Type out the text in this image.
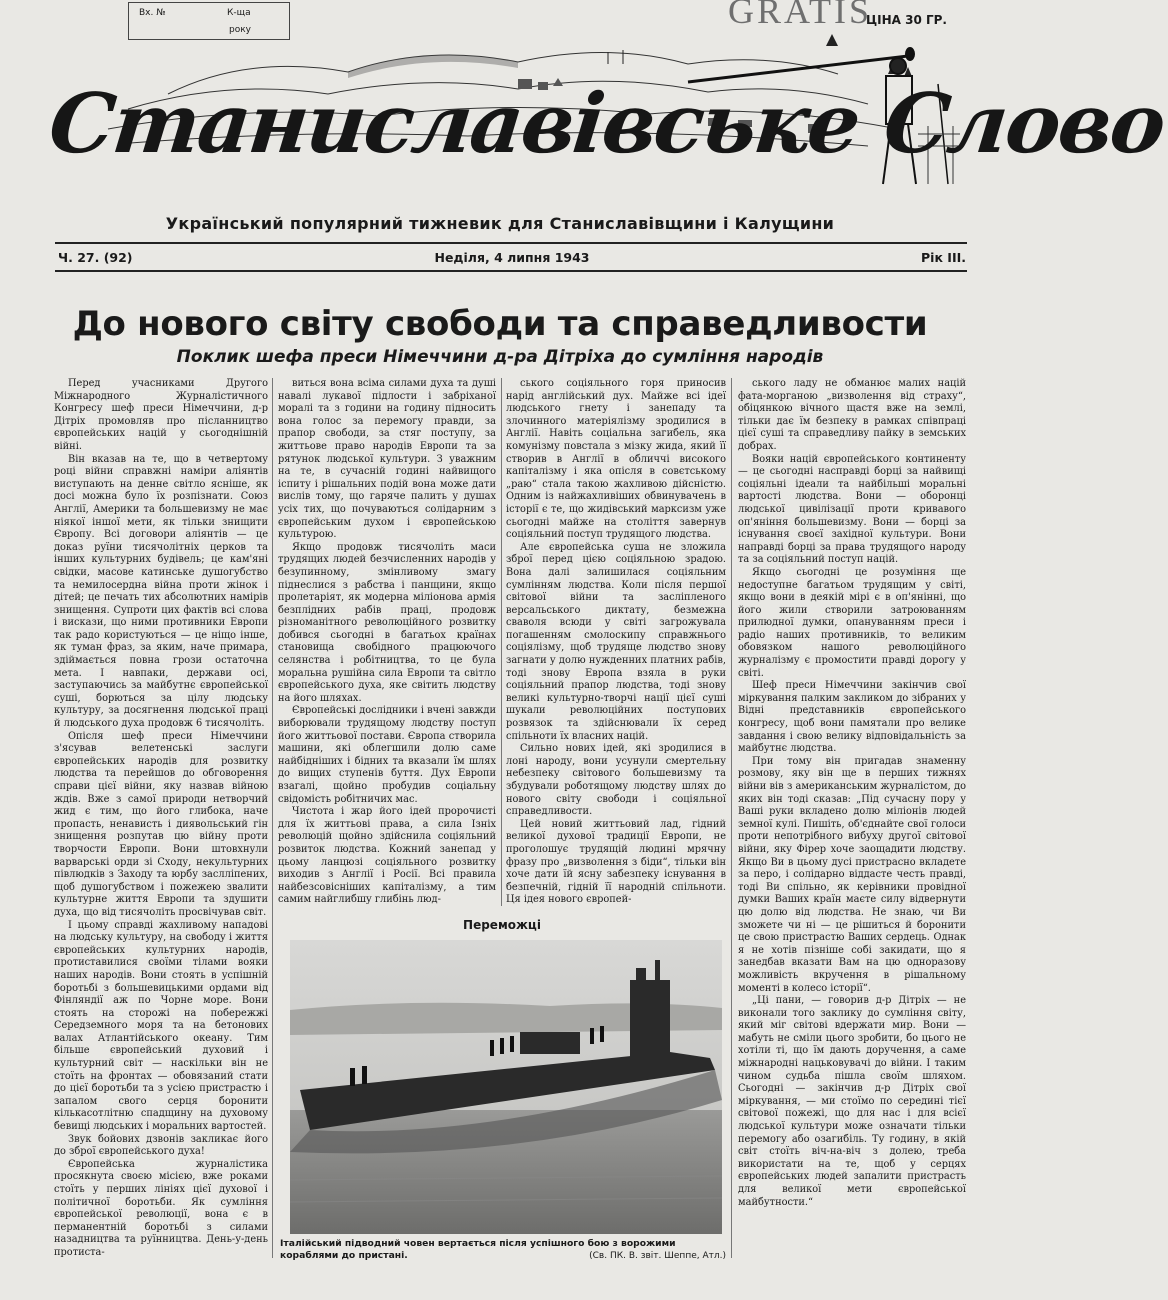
Вх. №	К-ща
року	GRATIS
ЦІНА 30 ГР.
Станиславівське Слово
Український популярний тижневик для Станиславівщини і Калущини
Ч. 27. (92)	Неділя, 4 липня 1943	Рік III.
До нового світу свободи та справедливости
Поклик шефа преси Німеччини д-ра Дітріха до сумління народів

Перед учасниками Другого Міжнародного Журналістичного Конгресу шеф преси Німеччини, д-р Дітріх промовляв про післанництво європейських націй у сьогоднішній війні.

Він вказав на те, що в четвертому році війни справжні наміри аліянтів виступають на денне світло ясніше, як досі можна було їх розпізнати. Союз Англії, Америки та большевизму не має ніякої іншої мети, як тільки знищити Європу. Всі договори аліянтів — це доказ руїни тисячолітніх церков та інших культурних будівель; це кам'яні свідки, масове катинське душогубство та немилосердна війна проти жінок і дітей; це печать тих абсолютних намірів знищення. Супроти цих фактів всі слова і вискази, що ними противники Европи так радо користуються — це ніщо інше, як туман фраз, за яким, наче примара, здіймається повна грози остаточна мета. І навпаки, держави осі, заступаючись за майбутнє європейської суші, борються за цілу людську культуру, за досягнення людської праці й людського духа продовж 6 тисячоліть.

Опісля шеф преси Німеччини з'ясував велетенські заслуги європейських народів для розвитку людства та перейшов до обговорення справи цієї війни, яку назвав війною ждів. Вже з самої природи нетворчий жид є тим, що його глибока, наче пропасть, ненависть і диявольський гін знищення розпутав цю війну проти творчости Европи. Вони штовхнули варварські орди зі Сходу, некультурних півлюдків з Заходу та юрбу заслліпених, щоб душогубством і пожежею звалити культурне життя Европи та здушити духа, що від тисячоліть просвічував світ.

І цьому справді жахливому нападові на людську культуру, на свободу і життя європейських культурних народів, протиставилися своїми тілами вояки наших народів. Вони стоять в успішній боротьбі з большевицькими ордами від Фінляндії аж по Чорне море. Вони стоять на сторожі на побережжі Середземного моря та на бетонових валах Атлантійського океану. Тим більше європейський духовий і культурний світ — наскільки він не стоїть на фронтах — обовязаний стати до цієї боротьби та з усією пристрастю і запалом свого серця боронити кількасотлітню спадщину на духовому бевищі людських і моральних вартостей.

Звук бойових дзвонів закликає його до зброї європейського духа!

Європейська журналістика просякнута своєю місією, вже роками стоїть у перших лініях цієї духової і політичної боротьби. Як сумління європейської революції, вона є в перманентній боротьбі з силами назадництва та руїнництва. День-у-день протиста-

виться вона всіма силами духа та душі навалі лукавої підлости і забріханої моралі та з години на годину підносить вона голос за перемогу правди, за прапор свободи, за стяг поступу, за життьове право народів Европи та за рятунок людської культури. З уважним на те, в сучасній годині найвищого іспиту і рішальних подій вона може дати вислів тому, що гаряче палить у душах усіх тих, що почуваються солідарним з європейським духом і європейською культурою.

Якщо продовж тисячоліть маси трудящих людей безчисленних народів у безупинному, змінливому змагу піднеслися з рабства і панщини, якщо пролетаріят, як модерна міліонова армія безплідних рабів праці, продовж різноманітного революційного розвитку добився сьогодні в багатьох країнах становища свобідного працюючого селянства і робітництва, то це була моральна рушійна сила Европи та світло європейського духа, яке світить людству на його шляхах.

Європейські дослідники і вчені завжди виборювали трудящому людству поступ його життьової постави. Європа створила машини, які облегшили долю саме найбідніших і бідних та вказали їм шлях до вищих ступенів буття. Дух Европи взагалі, щойно пробудив соціальну свідомість робітничих мас.

Чистота і жар його ідей пророчисті для їх життьові права, а сила Ізніх революцій щойно здійснила соціяльний розвиток людства. Кожний занепад у цьому ланцюзі соціяльного розвитку виходив з Англії і Росії. Всі правила найбезсовісніших капіталізму, а тим самим найглибшу глибінь люд-

ського соціяльного горя приносив нарід англійський дух. Майже всі ідеї людського гнету і занепаду та злочинного матеріялізму зродилися в Англії. Навіть соціальна загибель, яка комунізму повстала з мізку жида, який її створив в Англії в обличчі високого капіталізму і яка опісля в совєтському „раю“ стала такою жахливою дійсністю. Одним із найжахливіших обвинувачень в історії є те, що жидівський марксизм уже сьогодні майже на століття завернув соціяльний поступ трудящого людства.

Але європейська суша не зложила зброї перед цією соціяльною зрадою. Вона далі залишилася соціяльним сумлінням людства. Коли після першої світової війни та засліпленого версальського диктату, безмежна сваволя всюди у світі загрожувала погашенням смолоскипу справжнього соціялізму, щоб трудяще людство знову загнати у долю нужденних платних рабів, тоді знову Европа взяла в руки соціяльний прапор людства, тоді знову великі культурно-творчі нації цієї суші шукали революційних поступових розвязок та здійснювали їх серед спільноти їх власних націй.

Сильно нових ідей, які зродилися в лоні народу, вони усунули смертельну небезпеку світового большевизму та збудували роботящому людству шлях до нового світу свободи і соціяльної справедливости.

Цей новий життьовий лад, гідний великої духової традиції Европи, не проголошує трудящій людині мрячну фразу про „визволення з біди“, тільки він хоче дати їй ясну забезпеку існування в безпечній, гідній її народній спільноти. Ця ідея нового європей-

ського ладу не обманює малих націй фата-морганою „визволення від страху“, обіцянкою вічного щастя вже на землі, тільки дає їм безпеку в рамках співпраці цієї суші та справедливу пайку в земських добрах.

Вояки націй європейського континенту — це сьогодні насправді борці за найвищі соціяльні ідеали та найбільші моральні вартості людства. Вони — оборонці людської цивілізації проти кривавого оп'яніння большевизму. Вони — борці за існування своєї західної культури. Вони направді борці за права трудящого народу та за соціяльний поступ націй.

Якщо сьогодні це розуміння ще недоступне багатьом трудящим у світі, якщо вони в деякій мірі є в оп'янінні, що його жили створили затроюванням прилюдної думки, опануванням преси і радіо наших противників, то великим обовязком нашого революційного журналізму є промостити правді дорогу у світі.

Шеф преси Німеччини закінчив свої міркування палким закликом до зібраних у Відні представників європейського конгресу, щоб вони памятали про велике завдання і свою велику відповідальність за майбутнє людства.

При тому він пригадав знаменну розмову, яку він ще в перших тижнях війни вів з американським журналістом, до яких він тоді сказав: „Під сучасну пору у Ваші руки вкладено долю міліонів людей земної кулі. Пишіть, об'єднайте свої голоси проти непотрібного вибуху другої світової війни, яку Фірер хоче заощадити людству. Якщо Ви в цьому дусі пристрасно вкладете за перо, і солідарно віддасте честь правді, тоді Ви спільно, як керівники провідної думки Ваших країн маєте силу відвернути цю долю від людства. Не знаю, чи Ви зможете чи ні — це рішиться й боронити це свою пристрастю Ваших сердець. Однак я не хотів пізніше собі закидати, що я занедбав вказати Вам на цю одноразову можливість вкручення в рішальному моменті в колесо історії“.

„Ці пани, — говорив д-р Дітріх — не виконали того заклику до сумління світу, який міг світові вдержати мир. Вони — мабуть не сміли цього зробити, бо цього не хотіли ті, що їм дають доручення, а саме міжнародні нацьковувачі до війни. І таким чином судьба пішла своїм шляхом. Сьогодні — закінчив д-р Дітріх свої міркування, — ми стоїмо по середині тієї світової пожежі, що для нас і для всієї людської культури може означати тільки перемогу або озагибіль. Ту годину, в якій світ стоїть віч-на-віч з долею, треба використати на те, щоб у серцях європейських людей запалити пристрасть для великої мети європейської майбутности.“

Переможці
Італійський підводний човен вертається після успішного бою з ворожими кораблями до пристані.	(Св. ПК. В. звіт. Шеппе, Атл.)
